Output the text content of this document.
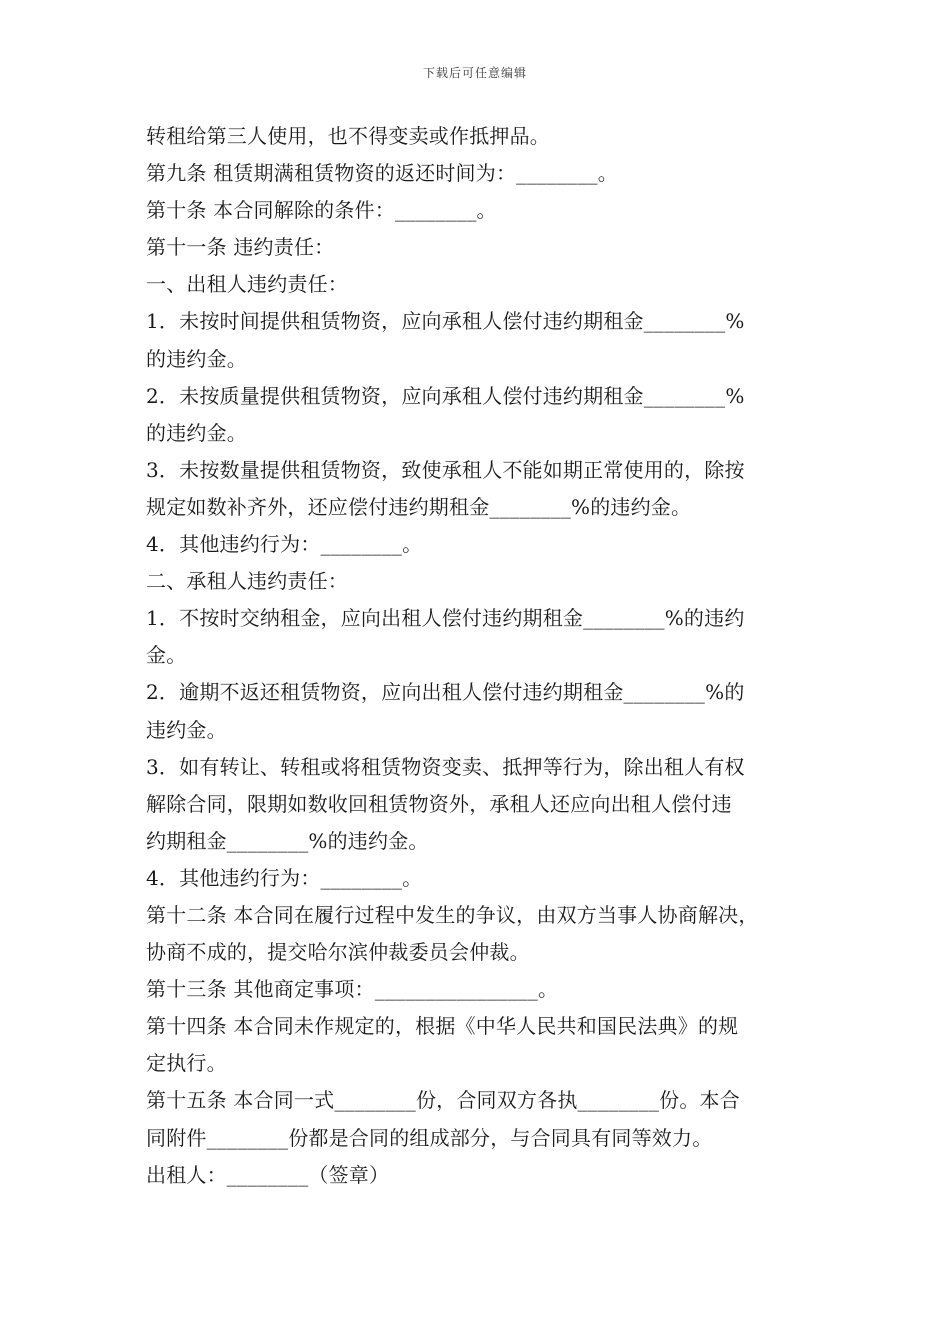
下载后可任意编辑
转租给第三人使用，也不得变卖或作抵押品。
第九条 租赁期满租赁物资的返还时间为：________。
第十条 本合同解除的条件：________。
第十一条 违约责任：
一、出租人违约责任：
1．未按时间提供租赁物资，应向承租人偿付违约期租金________%
的违约金。
2．未按质量提供租赁物资，应向承租人偿付违约期租金________%
的违约金。
3．未按数量提供租赁物资，致使承租人不能如期正常使用的，除按
规定如数补齐外，还应偿付违约期租金________%的违约金。
4．其他违约行为：________。
二、承租人违约责任：
1．不按时交纳租金，应向出租人偿付违约期租金________%的违约
金。
2．逾期不返还租赁物资，应向出租人偿付违约期租金________%的
违约金。
3．如有转让、转租或将租赁物资变卖、抵押等行为，除出租人有权
解除合同，限期如数收回租赁物资外，承租人还应向出租人偿付违
约期租金________%的违约金。
4．其他违约行为：________。
第十二条 本合同在履行过程中发生的争议，由双方当事人协商解决，
协商不成的，提交哈尔滨仲裁委员会仲裁。
第十三条 其他商定事项：________________。
第十四条 本合同未作规定的，根据《中华人民共和国民法典》的规
定执行。
第十五条 本合同一式________份，合同双方各执________份。本合
同附件________份都是合同的组成部分，与合同具有同等效力。
出租人：________（签章）
